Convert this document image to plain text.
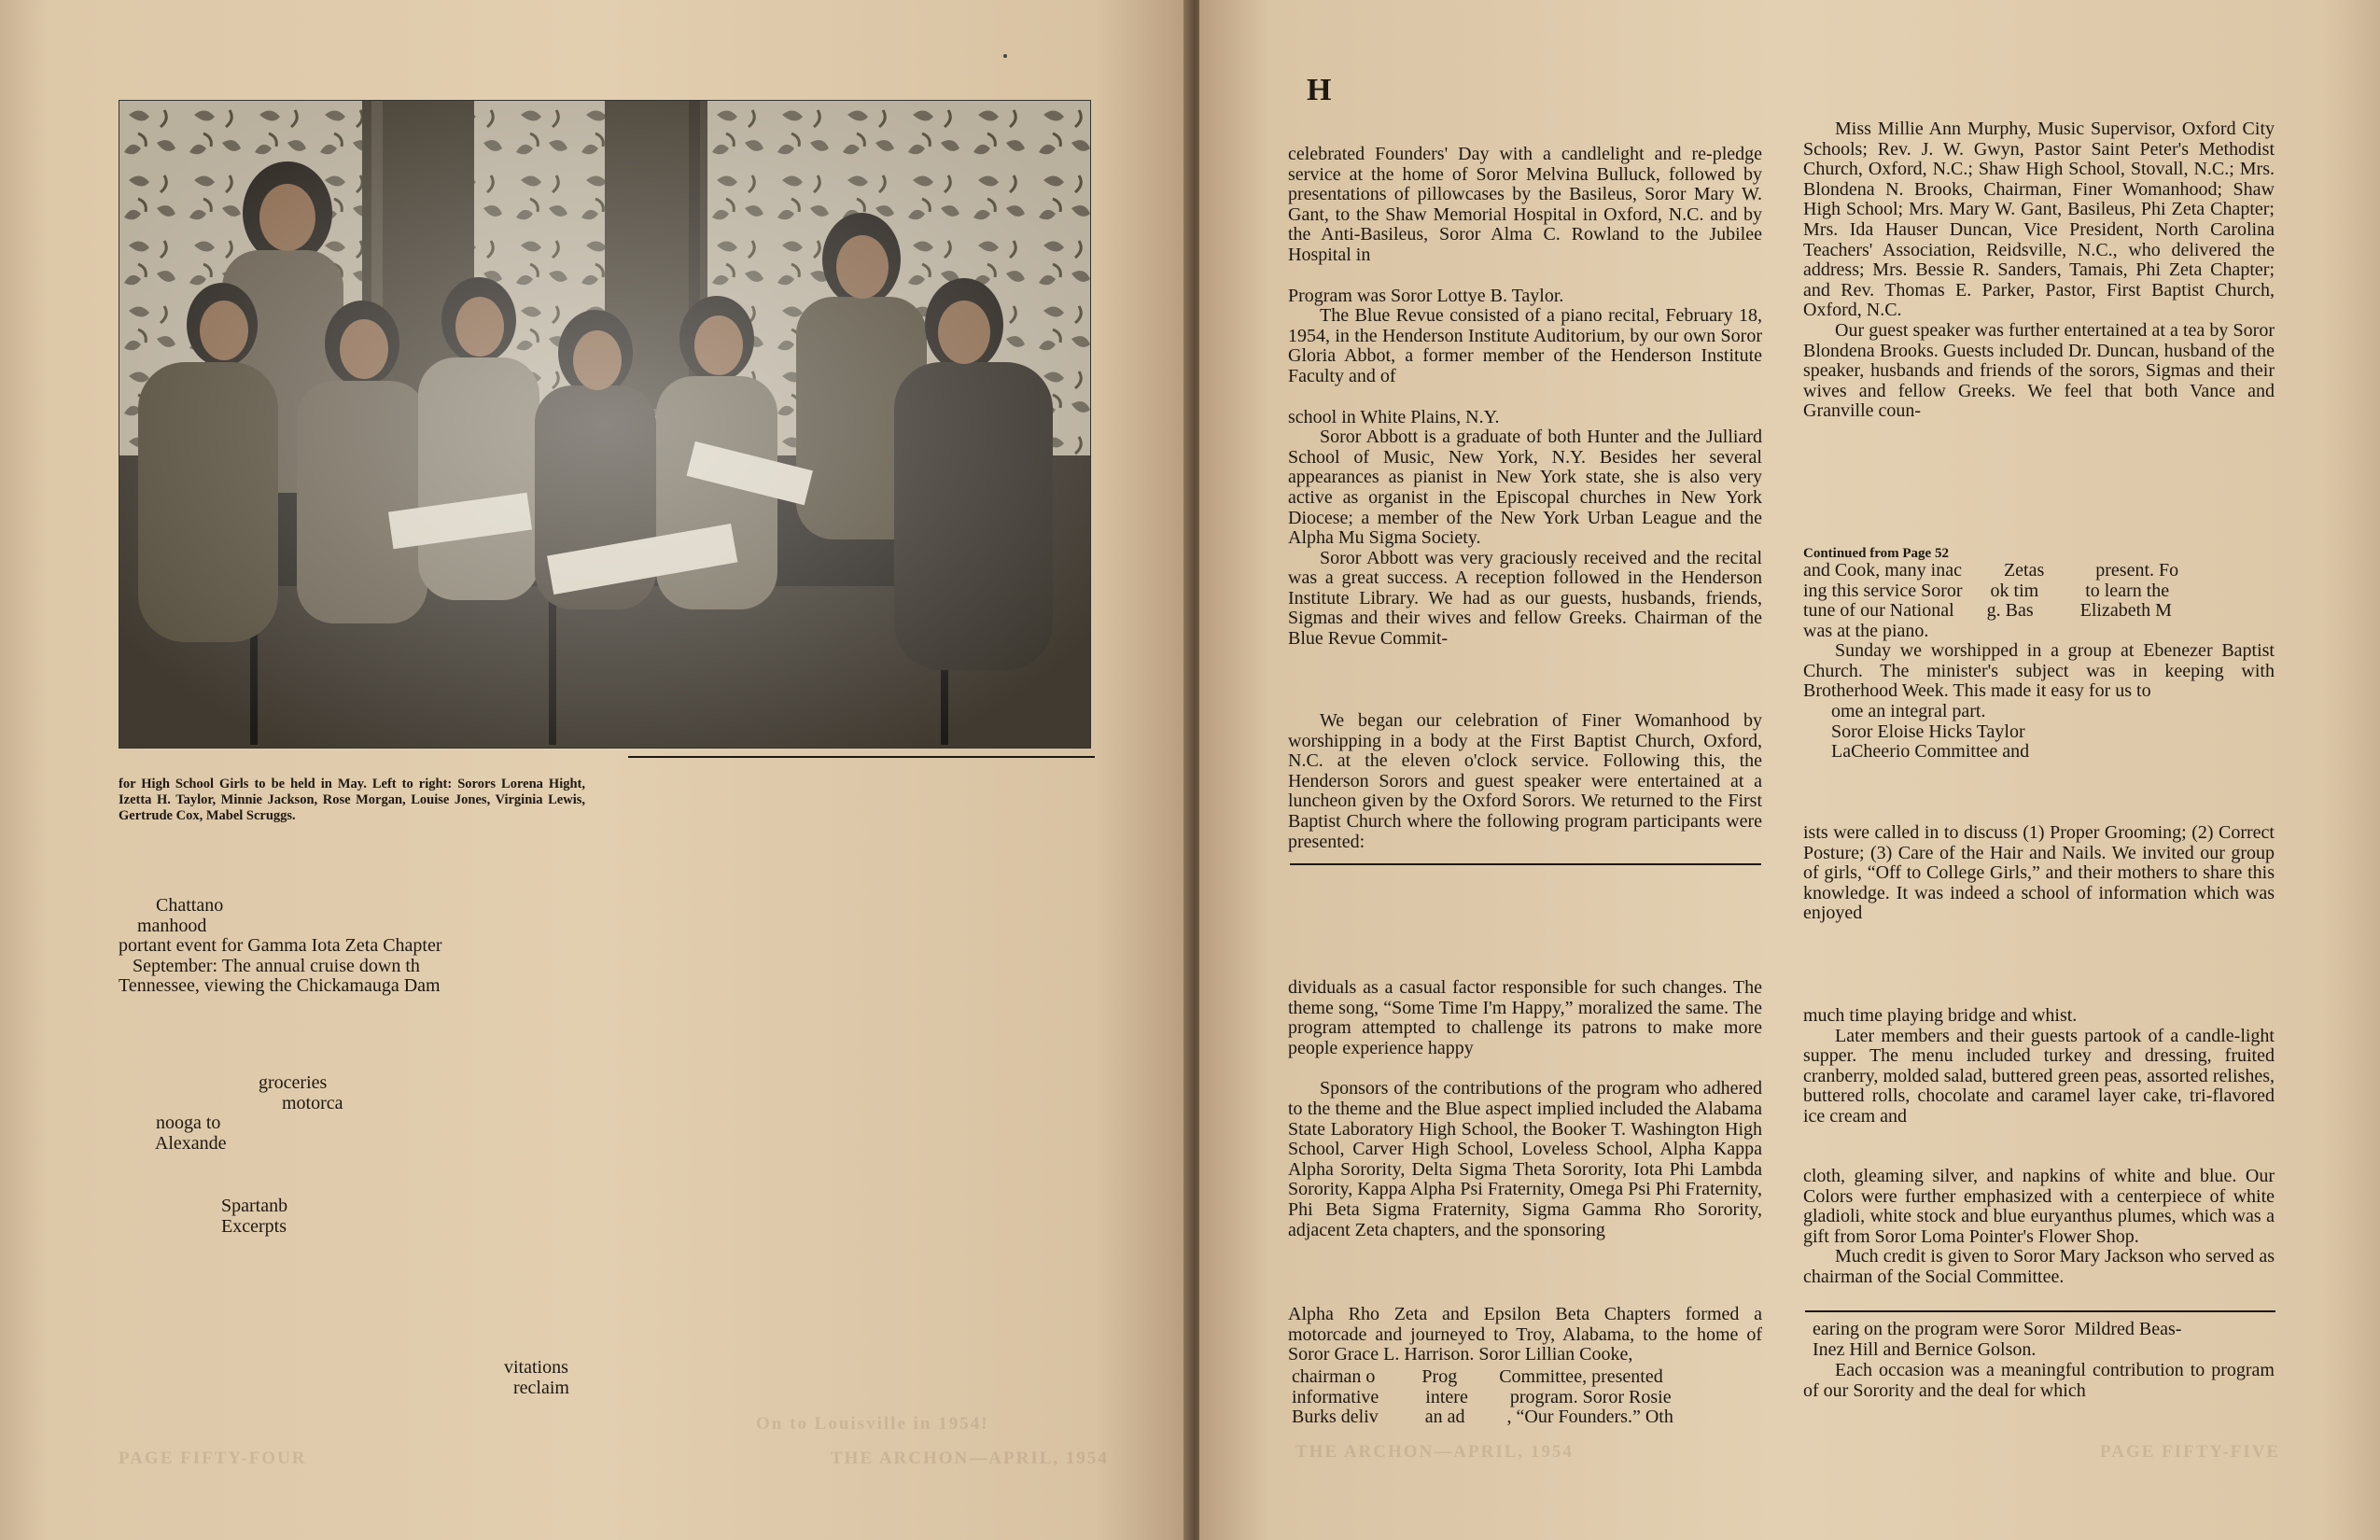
for High School Girls to be held in May. Left to right: Sorors Lorena Hight, Izetta H. Taylor, Minnie Jackson, Rose Morgan, Louise Jones, Virginia Lewis, Gertrude Cox, Mabel Scruggs.
Chattano
manhood
portant event for Gamma Iota Zeta Chapter
September: The annual cruise down th
Tennessee, viewing the Chickamauga Dam
groceries
motorca
nooga to
Alexande
Spartanb
Excerpts
vitations
reclaim
On to Louisville in 1954!
PAGE FIFTY-FOUR	THE ARCHON—APRIL, 1954
H

celebrated Founders' Day with a candlelight and re-pledge service at the home of Soror Melvina Bulluck, followed by presentations of pillowcases by the Basileus, Soror Mary W. Gant, to the Shaw Memorial Hospital in Oxford, N.C. and by the Anti-Basileus, Soror Alma C. Rowland to the Jubilee Hospital in

Program was Soror Lottye B. Taylor.

The Blue Revue consisted of a piano recital, February 18, 1954, in the Henderson Institute Auditorium, by our own Soror Gloria Abbot, a former member of the Henderson Institute Faculty and of

school in White Plains, N.Y.

Soror Abbott is a graduate of both Hunter and the Julliard School of Music, New York, N.Y. Besides her several appearances as pianist in New York state, she is also very active as organist in the Episcopal churches in New York Diocese; a member of the New York Urban League and the Alpha Mu Sigma Society.

Soror Abbott was very graciously received and the recital was a great success. A reception followed in the Henderson Institute Library. We had as our guests, husbands, friends, Sigmas and their wives and fellow Greeks. Chairman of the Blue Revue Commit-

We began our celebration of Finer Womanhood by worshipping in a body at the First Baptist Church, Oxford, N.C. at the eleven o'clock service. Following this, the Henderson Sorors and guest speaker were entertained at a luncheon given by the Oxford Sorors. We returned to the First Baptist Church where the following program participants were presented:

dividuals as a casual factor responsible for such changes. The theme song, “Some Time I'm Happy,” moralized the same. The program attempted to challenge its patrons to make more people experience happy

Sponsors of the contributions of the program who adhered to the theme and the Blue aspect implied included the Alabama State Laboratory High School, the Booker T. Washington High School, Carver High School, Loveless School, Alpha Kappa Alpha Sorority, Delta Sigma Theta Sorority, Iota Phi Lambda Sorority, Kappa Alpha Psi Fraternity, Omega Psi Phi Fraternity, Phi Beta Sigma Fraternity, Sigma Gamma Rho Sorority, adjacent Zeta chapters, and the sponsoring

Alpha Rho Zeta and Epsilon Beta Chapters formed a motorcade and journeyed to Troy, Alabama, to the home of Soror Grace L. Harrison. Soror Lillian Cooke,

chairman o          Prog         Committee, presented
informative          intere         program. Soror Rosie
Burks deliv          an ad         , “Our Founders.” Oth
THE ARCHON—APRIL, 1954

Miss Millie Ann Murphy, Music Supervisor, Oxford City Schools; Rev. J. W. Gwyn, Pastor Saint Peter's Methodist Church, Oxford, N.C.; Shaw High School, Stovall, N.C.; Mrs. Blondena N. Brooks, Chairman, Finer Womanhood; Shaw High School; Mrs. Mary W. Gant, Basileus, Phi Zeta Chapter; Mrs. Ida Hauser Duncan, Vice President, North Carolina Teachers' Association, Reidsville, N.C., who delivered the address; Mrs. Bessie R. Sanders, Tamais, Phi Zeta Chapter; and Rev. Thomas E. Parker, Pastor, First Baptist Church, Oxford, N.C.

Our guest speaker was further entertained at a tea by Soror Blondena Brooks. Guests included Dr. Duncan, husband of the speaker, husbands and friends of the sorors, Sigmas and their wives and fellow Greeks. We feel that both Vance and Granville coun-

Continued from Page 52
and Cook, many inac         Zetas           present. Fo
ing this service Soror      ok tim          to learn the
tune of our National       g. Bas          Elizabeth M
was at the piano.

Sunday we worshipped in a group at Ebenezer Baptist Church. The minister's subject was in keeping with Brotherhood Week. This made it easy for us to

ome an integral part.
Soror Eloise Hicks Taylor
LaCheerio Committee and

ists were called in to discuss (1) Proper Grooming; (2) Correct Posture; (3) Care of the Hair and Nails. We invited our group of girls, “Off to College Girls,” and their mothers to share this knowledge. It was indeed a school of information which was enjoyed

much time playing bridge and whist.

Later members and their guests partook of a candle-light supper. The menu included turkey and dressing, fruited cranberry, molded salad, buttered green peas, assorted relishes, buttered rolls, chocolate and caramel layer cake, tri-flavored ice cream and

cloth, gleaming silver, and napkins of white and blue. Our Colors were further emphasized with a centerpiece of white gladioli, white stock and blue euryanthus plumes, which was a gift from Soror Loma Pointer's Flower Shop.

Much credit is given to Soror Mary Jackson who served as chairman of the Social Committee.

earing on the program were Soror  Mildred Beas-
Inez Hill and Bernice Golson.

Each occasion was a meaningful contribution to program of our Sorority and the deal for which

PAGE FIFTY-FIVE
